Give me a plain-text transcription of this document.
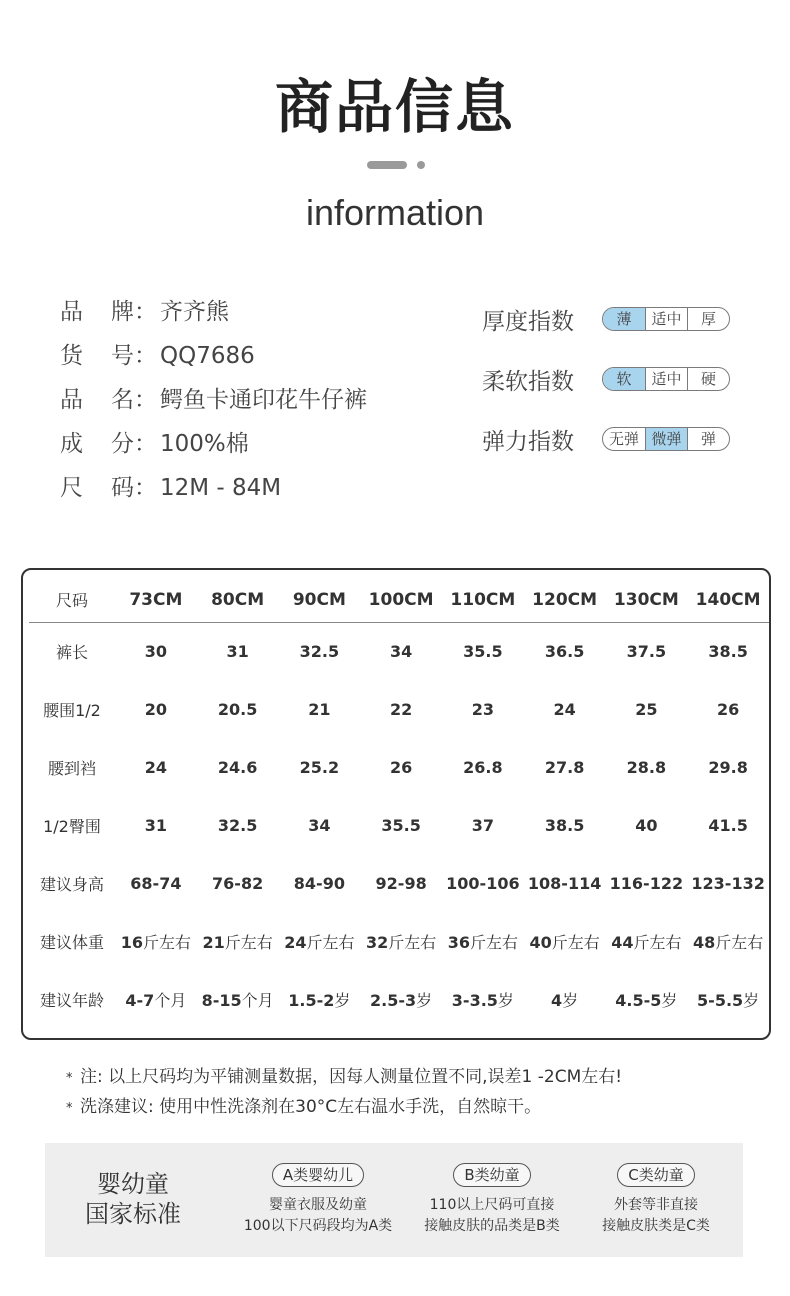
商品信息
information
品牌： 齐齐熊
货号： QQ7686
品名： 鳄鱼卡通印花牛仔裤
成分： 100%棉
尺码： 12M - 84M
厚度指数	薄	适中	厚
柔软指数	软	适中	硬
弹力指数	无弹 微弹	弹
尺码	73CM	80CM	90CM	100CM	110CM	120CM	130CM	140CM
裤长	30	31	32.5	34	35.5	36.5	37.5	38.5
腰围1/2	20	20.5	21	22	23	24	25	26
腰到裆	24	24.6	25.2	26	26.8	27.8	28.8	29.8
1/2臀围	31	32.5	34	35.5	37	38.5	40	41.5
建议身高	68-74	76-82	84-90	92-98	100-106	108-114	116-122	123-132
建议体重	16斤左右	21斤左右	24斤左右	32斤左右	36斤左右	40斤左右	44斤左右	48斤左右
建议年龄	4-7个月	8-15个月	1.5-2岁	2.5-3岁	3-3.5岁	4岁	4.5-5岁	5-5.5岁
* 注: 以上尺码均为平铺测量数据，因每人测量位置不同,误差1 -2CM左右!
* 洗涤建议: 使用中性洗涤剂在30°C左右温水手洗，自然晾干。
婴幼童
国家标准
A类婴幼儿
婴童衣服及幼童
100以下尺码段均为A类
B类幼童
110以上尺码可直接
接触皮肤的品类是B类
C类幼童
外套等非直接
接触皮肤类是C类
